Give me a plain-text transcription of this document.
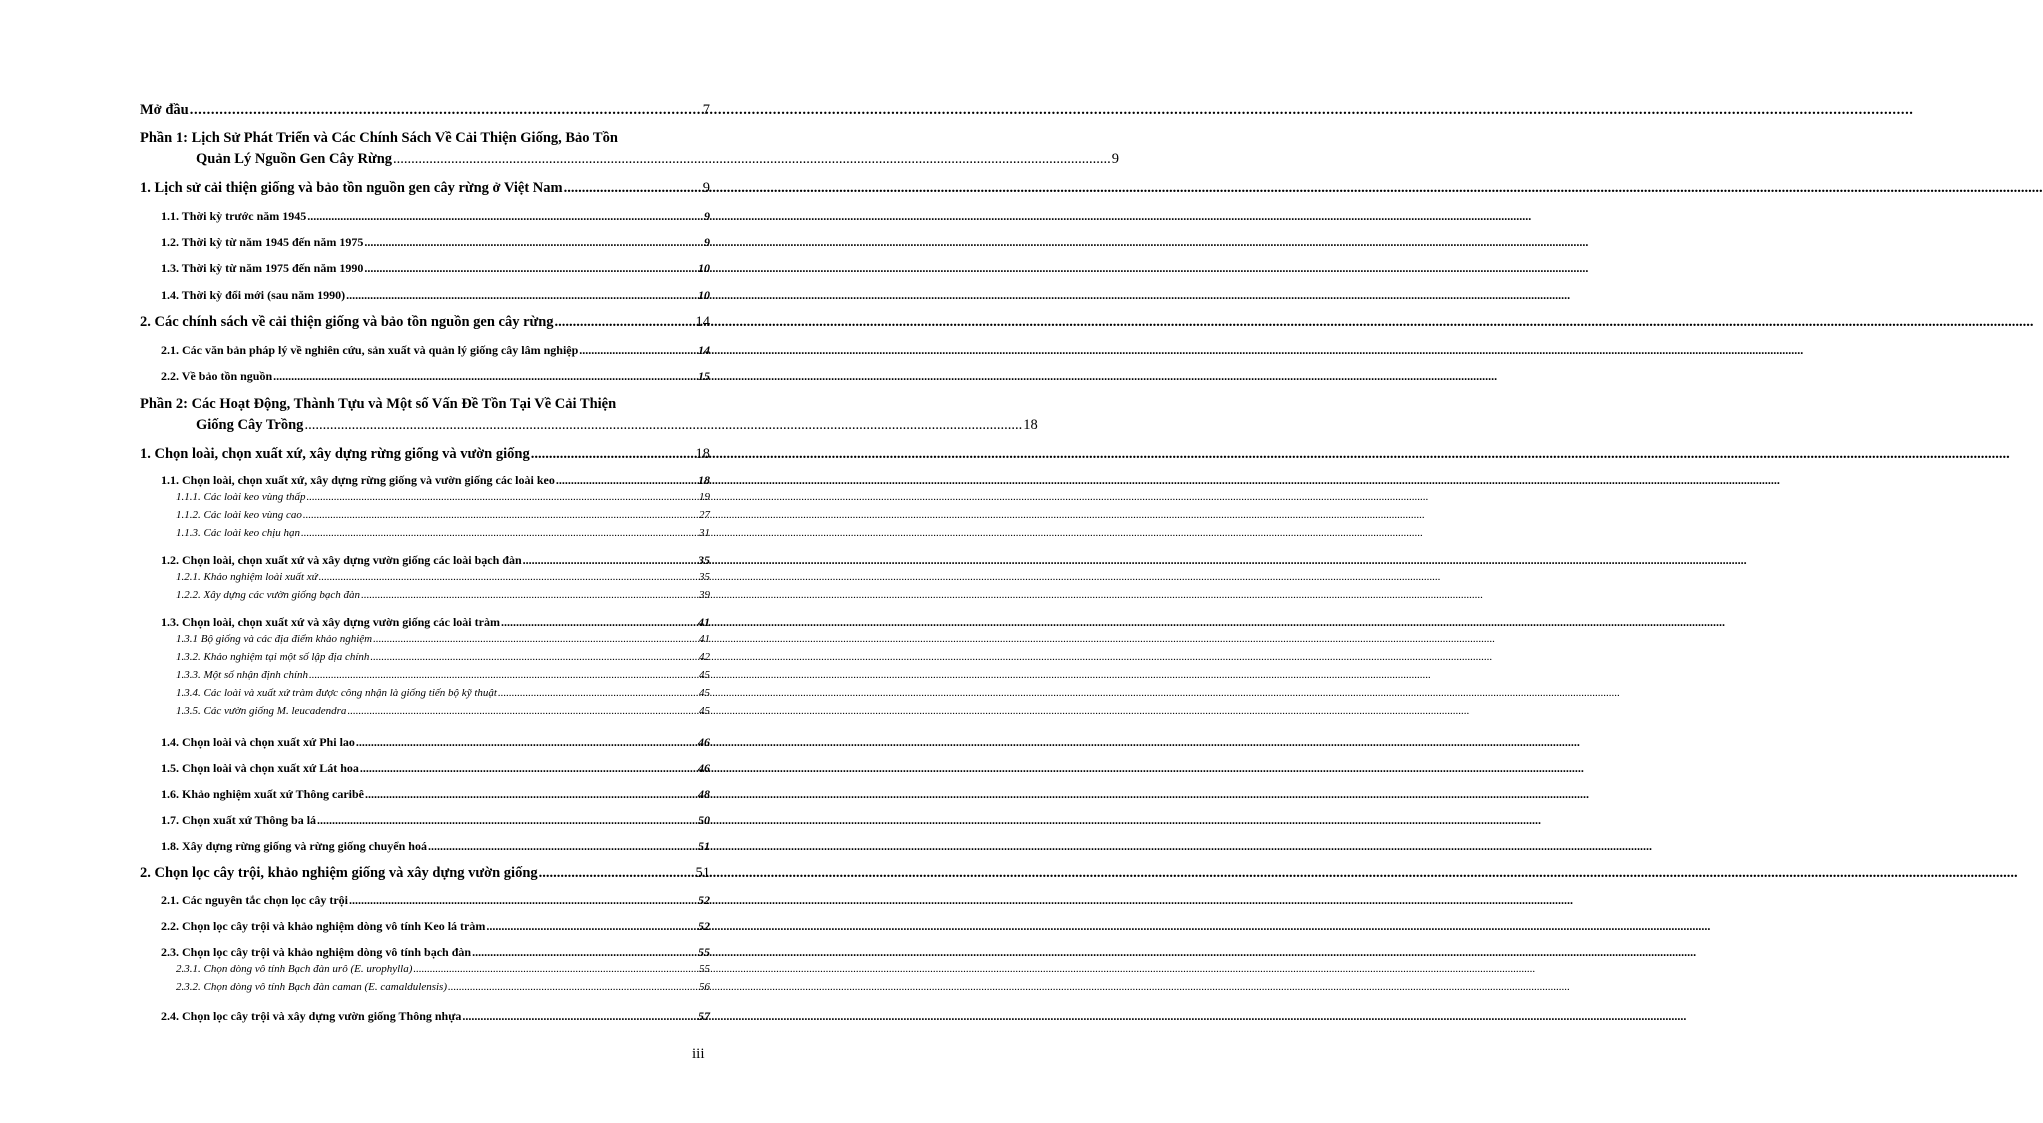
Mở đầu .....	7
Phần 1: Lịch Sử Phát Triển và Các Chính Sách Về Cải Thiện Giống, Bảo Tồn
Quản Lý Nguồn Gen Cây Rừng ...................................................................................................................................................................................................... 9
1. Lịch sử cải thiện giống và bảo tồn nguồn gen cây rừng ở Việt Nam .....	9
1.1. Thời kỳ trước năm 1945 .....	9
1.2. Thời kỳ từ năm 1945 đến năm 1975 .....	9
1.3. Thời kỳ từ năm 1975 đến năm 1990 .....	10
1.4. Thời kỳ đổi mới (sau năm 1990) .....	10
2. Các chính sách về cải thiện giống và bảo tồn nguồn gen cây rừng .....	14
2.1. Các văn bản pháp lý về nghiên cứu, sản xuất và quản lý giống cây lâm nghiệp .....	14
2.2. Về bảo tồn nguồn .....	15
Phần 2: Các Hoạt Động, Thành Tựu và Một số Vấn Đề Tồn Tại Về Cải Thiện
Giống Cây Trồng ...................................................................................................................................................................................................... 18
1. Chọn loài, chọn xuất xứ, xây dựng rừng giống và vườn giống .....	18
1.1. Chọn loài, chọn xuất xứ, xây dựng rừng giống và vườn giống các loài keo .....	18
1.1.1. Các loài keo vùng thấp .....	19
1.1.2. Các loài keo vùng cao .....	27
1.1.3. Các loài keo chịu hạn .....	31
1.2. Chọn loài, chọn xuất xứ và xây dựng vườn giống các loài bạch đàn .....	35
1.2.1. Khảo nghiệm loài xuất xứ .....	35
1.2.2. Xây dựng các vườn giống bạch đàn .....	39
1.3. Chọn loài, chọn xuất xứ và xây dựng vườn giống các loài tràm .....	41
1.3.1 Bộ giống và các địa điểm khảo nghiệm .....	41
1.3.2. Khảo nghiệm tại một số lập địa chính .....	42
1.3.3. Một số nhận định chính .....	45
1.3.4. Các loài và xuất xứ tràm được công nhận là giống tiến bộ kỹ thuật .....	45
1.3.5. Các vườn giống M. leucadendra .....	45
1.4. Chọn loài và chọn xuất xứ Phi lao .....	46
1.5. Chọn loài và chọn xuất xứ Lát hoa .....	46
1.6. Khảo nghiệm xuất xứ Thông caribê .....	48
1.7. Chọn xuất xứ Thông ba lá .....	50
1.8. Xây dựng rừng giống và rừng giống chuyển hoá .....	51
2. Chọn lọc cây trội, khảo nghiệm giống và xây dựng vườn giống .....	51
2.1. Các nguyên tắc chọn lọc cây trội .....	52
2.2. Chọn lọc cây trội và khảo nghiệm dòng vô tính Keo lá tràm .....	52
2.3. Chọn lọc cây trội và khảo nghiệm dòng vô tính bạch đàn .....	55
2.3.1. Chọn dòng vô tính Bạch đàn urô (E. urophylla) .....	55
2.3.2. Chọn dòng vô tính Bạch đàn caman (E. camaldulensis) .....	56
2.4. Chọn lọc cây trội và xây dựng vườn giống Thông nhựa .....	57
iii
